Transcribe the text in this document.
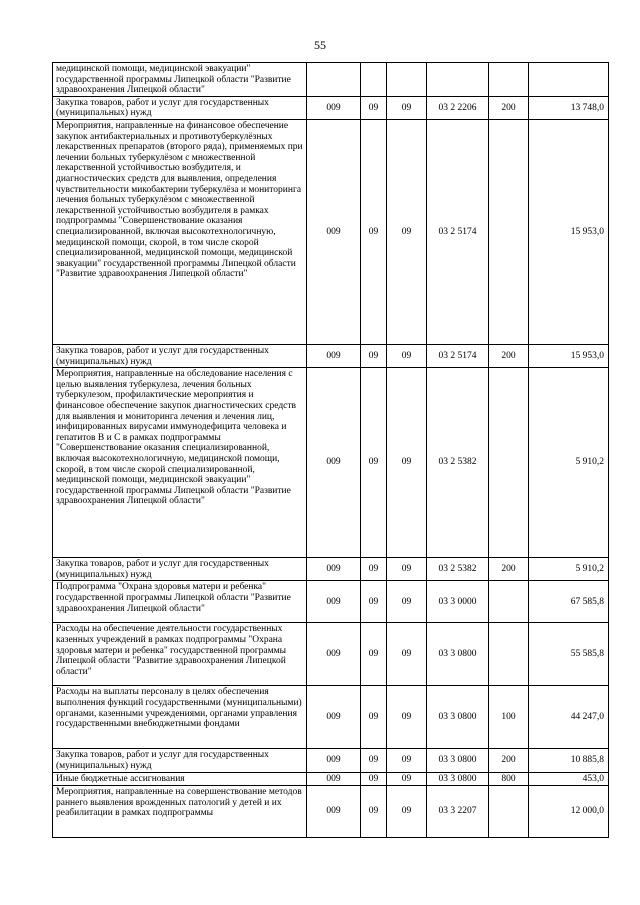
55
медицинской помощи, медицинской эвакуации" государственной программы Липецкой области "Развитие здравоохранения Липецкой области"						
Закупка товаров, работ и услуг для государственных (муниципальных) нужд	009	09	09	03 2 2206	200	13 748,0
Мероприятия, направленные на финансовое обеспечение закупок антибактериальных и противотуберкулёзных лекарственных препаратов (второго ряда), применяемых при лечении больных туберкулёзом с множественной лекарственной устойчивостью возбудителя, и диагностических средств для выявления, определения чувствительности микобактерии туберкулёза и мониторинга лечения больных туберкулёзом с множественной лекарственной устойчивостью возбудителя в рамках подпрограммы "Совершенствование оказания специализированной, включая высокотехнологичную, медицинской помощи, скорой, в том числе скорой специализированной, медицинской помощи, медицинской эвакуации" государственной программы Липецкой области "Развитие здравоохранения Липецкой области"	009	09	09	03 2 5174		15 953,0
Закупка товаров, работ и услуг для государственных (муниципальных) нужд	009	09	09	03 2 5174	200	15 953,0
Мероприятия, направленные на обследование населения с целью выявления туберкулеза, лечения больных туберкулезом, профилактические мероприятия и финансовое обеспечение закупок диагностических средств для выявления и мониторинга лечения и лечения лиц, инфицированных вирусами иммунодефицита человека и гепатитов В и С в рамках подпрограммы "Совершенствование оказания специализированной, включая высокотехнологичную, медицинской помощи, скорой, в том числе скорой специализированной, медицинской помощи, медицинской эвакуации" государственной программы Липецкой области "Развитие здравоохранения Липецкой области"	009	09	09	03 2 5382		5 910,2
Закупка товаров, работ и услуг для государственных (муниципальных) нужд	009	09	09	03 2 5382	200	5 910,2
Подпрограмма "Охрана здоровья матери и ребенка" государственной программы Липецкой области "Развитие здравоохранения Липецкой области"	009	09	09	03 3 0000		67 585,8
Расходы на обеспечение деятельности государственных казенных учреждений в рамках подпрограммы "Охрана здоровья матери и ребенка" государственной программы Липецкой области "Развитие здравоохранения Липецкой области"	009	09	09	03 3 0800		55 585,8
Расходы на выплаты персоналу в целях обеспечения выполнения функций государственными (муниципальными) органами, казенными учреждениями, органами управления государственными внебюджетными фондами	009	09	09	03 3 0800	100	44 247,0
Закупка товаров, работ и услуг для государственных (муниципальных) нужд	009	09	09	03 3 0800	200	10 885,8
Иные бюджетные ассигнования	009	09	09	03 3 0800	800	453,0
Мероприятия, направленные на совершенствование методов раннего выявления врожденных патологий у детей и их реабилитации в рамках подпрограммы	009	09	09	03 3 2207		12 000,0
